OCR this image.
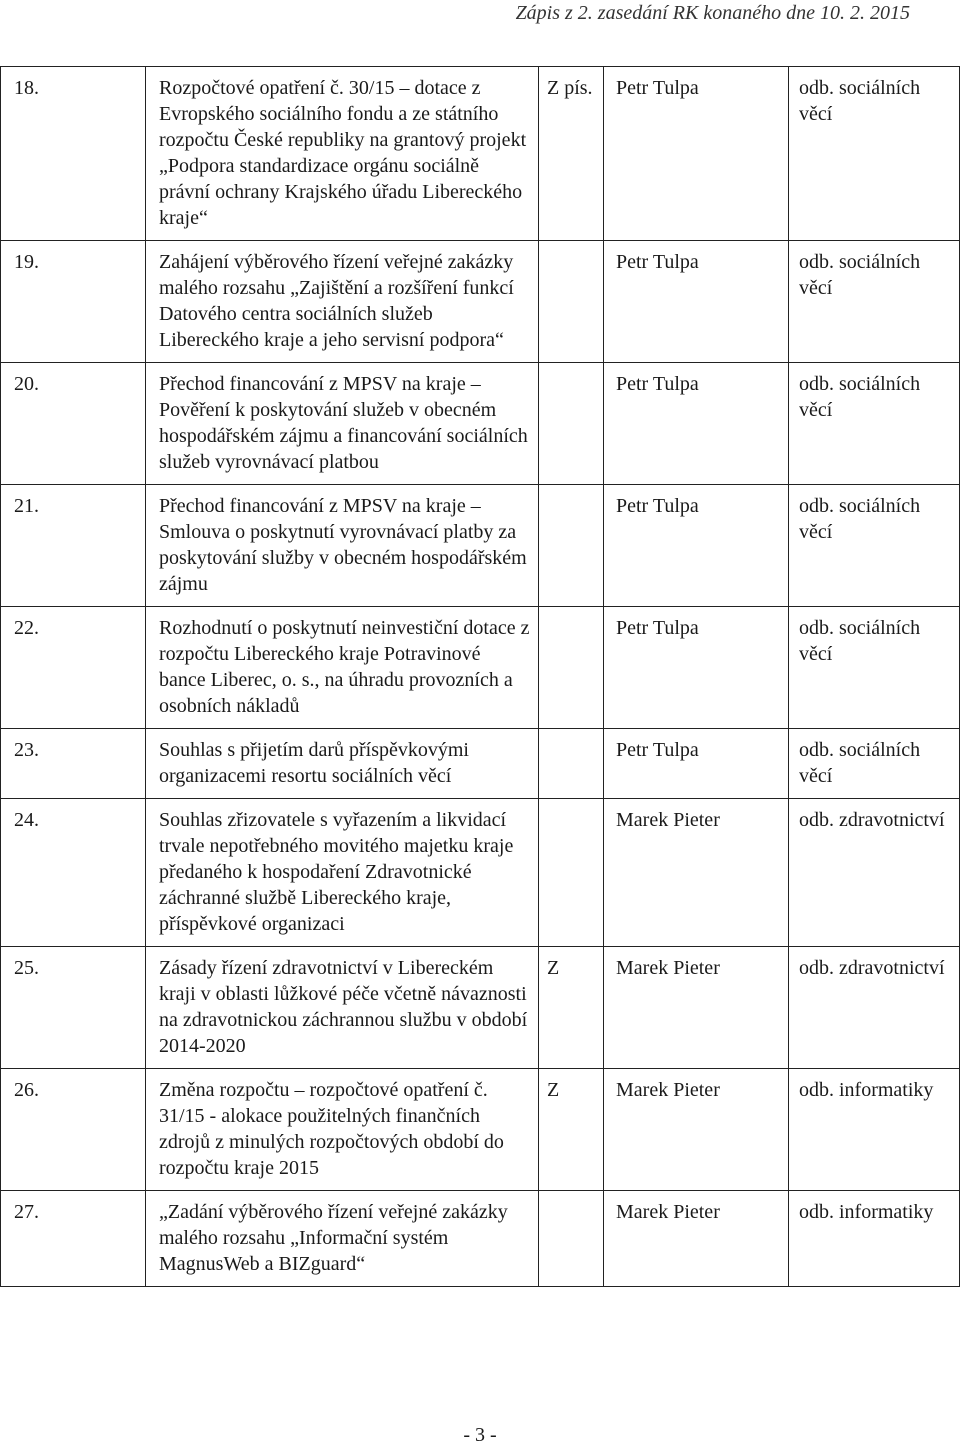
Zápis z 2. zasedání RK konaného dne 10. 2. 2015
18.	Rozpočtové opatření č. 30/15 – dotace z Evropského sociálního fondu a ze státního rozpočtu České republiky na grantový projekt „Podpora standardizace orgánu sociálně právní ochrany Krajského úřadu Libereckého kraje“	Z pís.	Petr Tulpa	odb. sociálních věcí
19.	Zahájení výběrového řízení veřejné zakázky malého rozsahu „Zajištění a rozšíření funkcí Datového centra sociálních služeb Libereckého kraje a jeho servisní podpora“		Petr Tulpa	odb. sociálních věcí
20.	Přechod financování z MPSV na kraje – Pověření k poskytování služeb v obecném hospodářském zájmu a financování sociálních služeb vyrovnávací platbou		Petr Tulpa	odb. sociálních věcí
21.	Přechod financování z MPSV na kraje – Smlouva o poskytnutí vyrovnávací platby za poskytování služby v obecném hospodářském zájmu		Petr Tulpa	odb. sociálních věcí
22.	Rozhodnutí o poskytnutí neinvestiční dotace z rozpočtu Libereckého kraje Potravinové bance Liberec, o. s., na úhradu provozních a osobních nákladů		Petr Tulpa	odb. sociálních věcí
23.	Souhlas s přijetím darů příspěvkovými organizacemi resortu sociálních věcí		Petr Tulpa	odb. sociálních věcí
24.	Souhlas zřizovatele s vyřazením a likvidací trvale nepotřebného movitého majetku kraje předaného k hospodaření Zdravotnické záchranné službě Libereckého kraje, příspěvkové organizaci		Marek Pieter	odb. zdravotnictví
25.	Zásady řízení zdravotnictví v Libereckém kraji v oblasti lůžkové péče včetně návaznosti na zdravotnickou záchrannou službu v období 2014-2020	Z	Marek Pieter	odb. zdravotnictví
26.	Změna rozpočtu – rozpočtové opatření č. 31/15 - alokace použitelných finančních zdrojů z minulých rozpočtových období do rozpočtu kraje 2015	Z	Marek Pieter	odb. informatiky
27.	„Zadání výběrového řízení veřejné zakázky malého rozsahu „Informační systém MagnusWeb a BIZguard“		Marek Pieter	odb. informatiky
- 3 -
